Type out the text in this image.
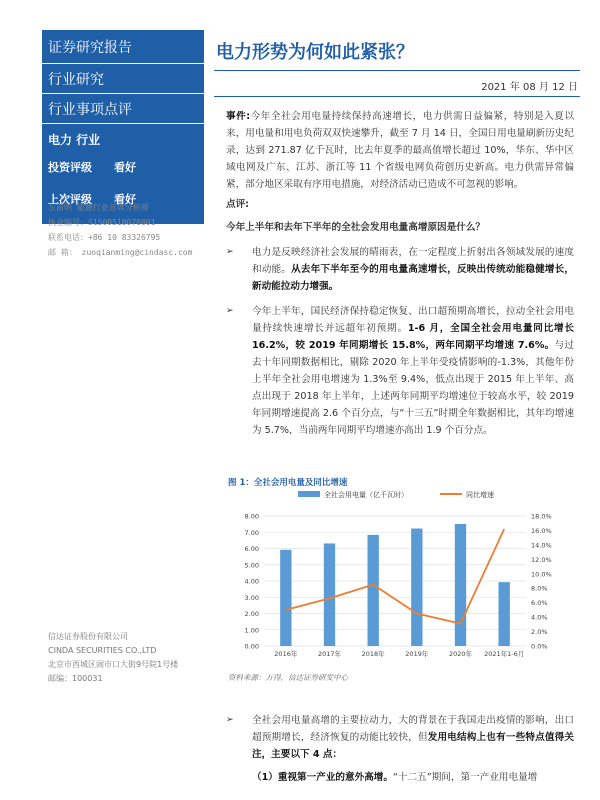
证券研究报告
行业研究
行业事项点评
电力 行业
投资评级	看好
上次评级	看好
左前明 能源行业首席分析师
执业编号：S1500518070001
联系电话：+86 10 83326795
邮 箱： zuoqianming@cindasc.com
信达证券股份有限公司
CINDA SECURITIES CO.,LTD
北京市西城区闹市口大街9号院1号楼
邮编：100031
电力形势为何如此紧张？
2021 年 08 月 12 日
事件:今年全社会用电量持续保持高速增长，电力供需日益偏紧，特别是入夏以来，用电量和用电负荷双双快速攀升，截至 7 月 14 日，全国日用电量刷新历史纪录，达到 271.87 亿千瓦时，比去年夏季的最高值增长超过 10%，华东、华中区域电网及广东、江苏、浙江等 11 个省级电网负荷创历史新高。电力供需异常偏紧，部分地区采取有序用电措施，对经济活动已造成不可忽视的影响。
点评:
今年上半年和去年下半年的全社会发用电量高增原因是什么？
➢ 电力是反映经济社会发展的晴雨表，在一定程度上折射出各领域发展的速度和动能。从去年下半年至今的用电量高速增长，反映出传统动能稳健增长，新动能拉动力增强。
➢ 今年上半年，国民经济保持稳定恢复、出口超预期高增长，拉动全社会用电量持续快速增长并远超年初预期。1-6 月，全国全社会用电量同比增长 16.2%，较 2019 年同期增长 15.8%，两年同期平均增速 7.6%。与过去十年同期数据相比，剔除 2020 年上半年受疫情影响的-1.3%，其他年份上半年全社会用电增速为 1.3%至 9.4%，低点出现于 2015 年上半年、高点出现于 2018 年上半年，上述两年同期平均增速位于较高水平，较 2019 年同期增速提高 2.6 个百分点，与“十三五”时期全年数据相比，其年均增速为 5.7%，当前两年同期平均增速亦高出 1.9 个百分点。
图 1：全社会用电量及同比增速
0.00
1.00
2.00
3.00
4.00
5.00
6.00
7.00
8.00
0.0%
2.0%
4.0%
6.0%
8.0%
10.0%
12.0%
14.0%
16.0%
18.0%
2016年	2017年	2018年	2019年	2020年 2021年1-6月
全社会用电量（亿千瓦时）	同比增速
资料来源：万得，信达证券研发中心
➢ 全社会用电量高增的主要拉动力，大的背景在于我国走出疫情的影响，出口超预期增长，经济恢复的动能比较快，但发用电结构上也有一些特点值得关注，主要以下 4 点：
（1）重视第一产业的意外高增。“十二五”期间，第一产业用电量增
